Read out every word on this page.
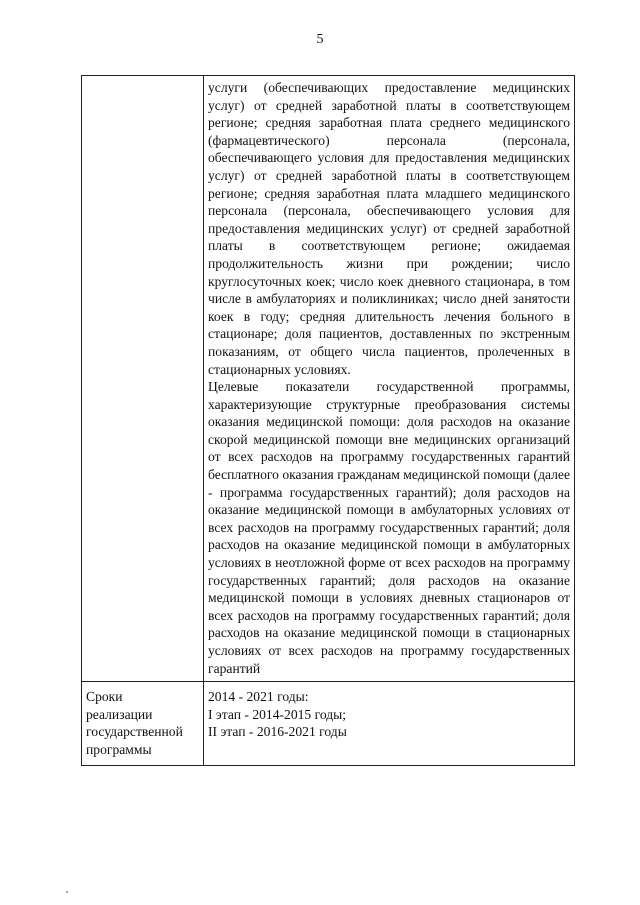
5

	услуги (обеспечивающих предоставление медицинских услуг) от средней заработной платы в соответствующем регионе; средняя заработная плата среднего медицинского (фармацевтического) персонала (персонала, обеспечивающего условия для предоставления медицинских услуг) от средней заработной платы в соответствующем регионе; средняя заработная плата младшего медицинского персонала (персонала, обеспечивающего условия для предоставления медицинских услуг) от средней заработной платы в соответствующем регионе; ожидаемая продолжительность жизни при рождении; число круглосуточных коек; число коек дневного стационара, в том числе в амбулаториях и поликлиниках; число дней занятости коек в году; средняя длительность лечения больного в стационаре; доля пациентов, доставленных по экстренным показаниям, от общего числа пациентов, пролеченных в стационарных условиях.

Целевые показатели государственной программы, характеризующие структурные преобразования системы оказания медицинской помощи: доля расходов на оказание скорой медицинской помощи вне медицинских организаций от всех расходов на программу государственных гарантий бесплатного оказания гражданам медицинской помощи (далее - программа государственных гарантий); доля расходов на оказание медицинской помощи в амбулаторных условиях от всех расходов на программу государственных гарантий; доля расходов на оказание медицинской помощи в амбулаторных условиях в неотложной форме от всех расходов на программу государственных гарантий; доля расходов на оказание медицинской помощи в условиях дневных стационаров от всех расходов на программу государственных гарантий; доля расходов на оказание медицинской помощи в стационарных условиях от всех расходов на программу государственных гарантий

Сроки
реализации
государственной
программы	2014 - 2021 годы:
I этап - 2014-2015 годы;
II этап - 2016-2021 годы
